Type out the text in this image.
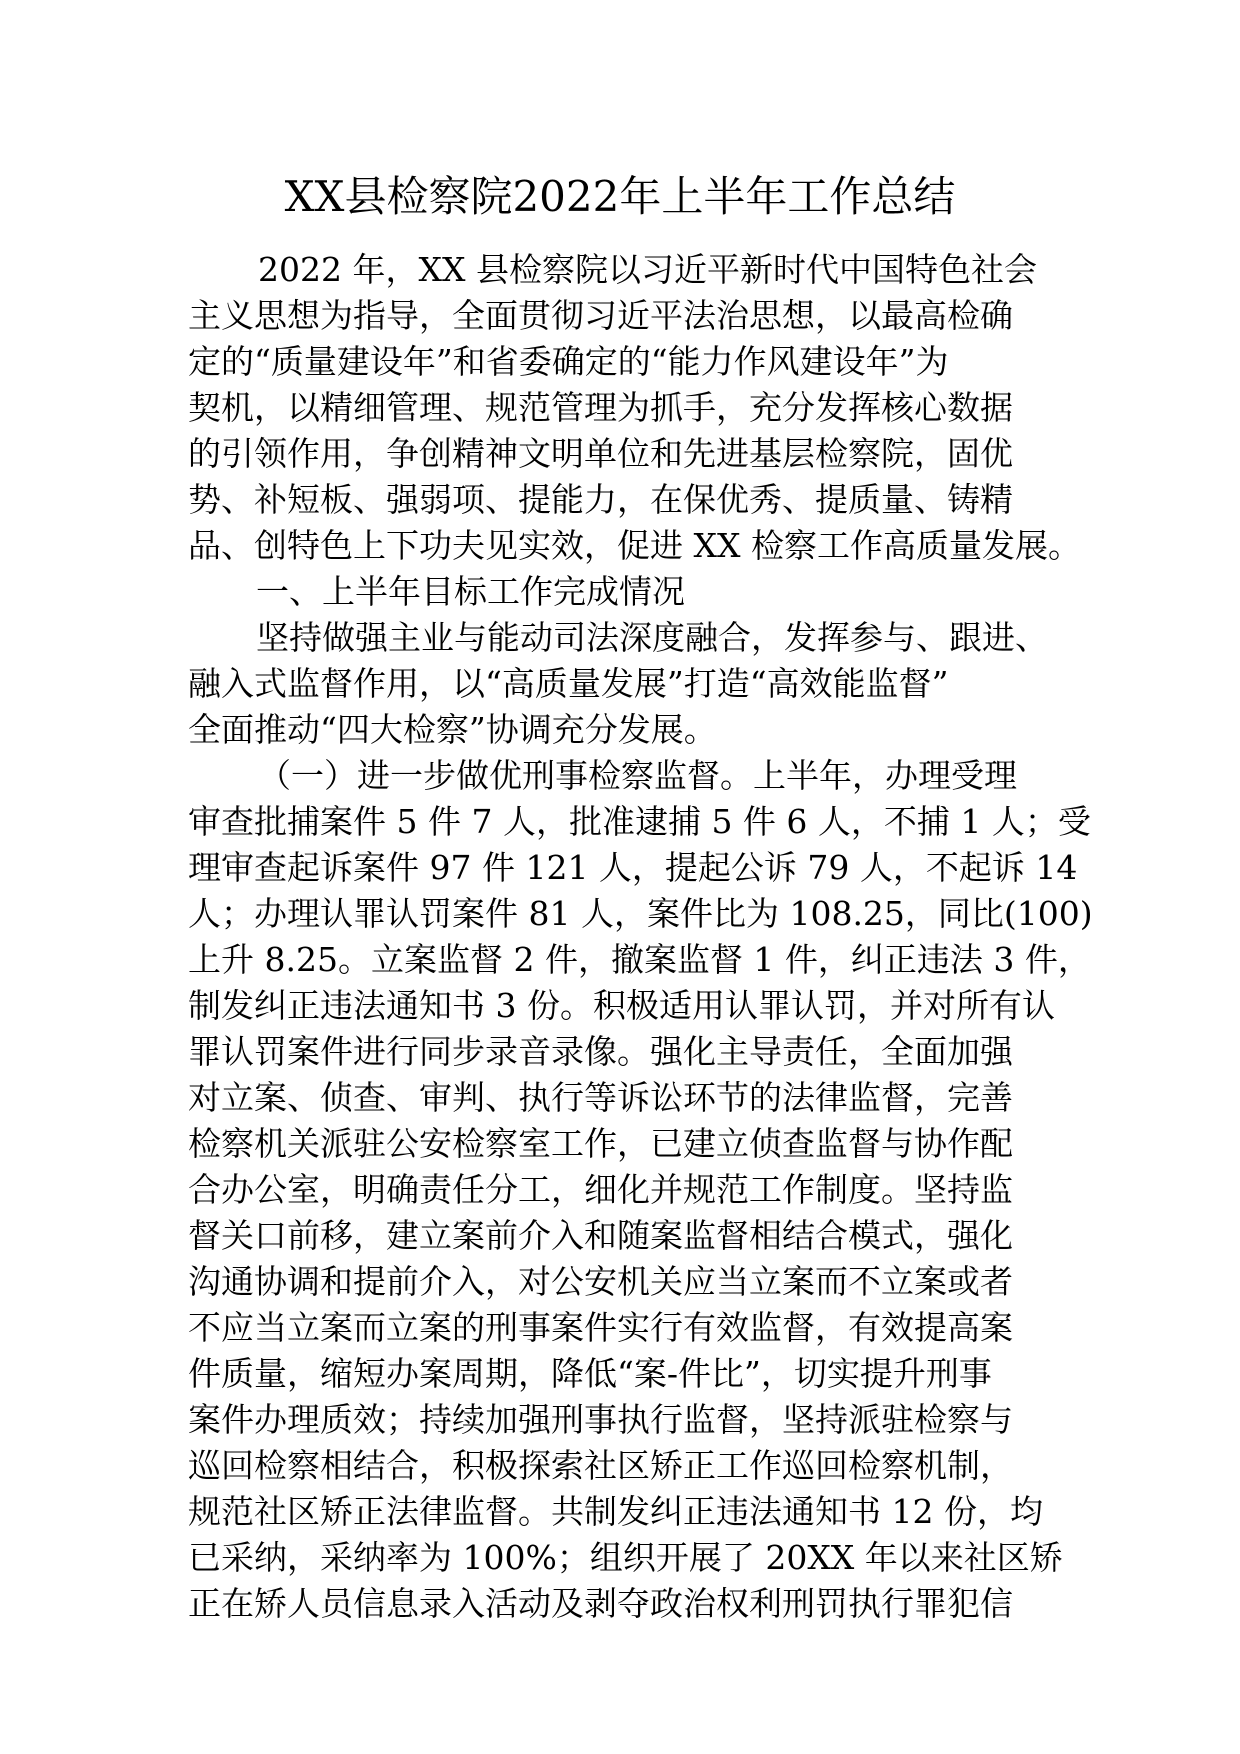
XX县检察院2022年上半年工作总结
2022 年，XX 县检察院以习近平新时代中国特色社会
主义思想为指导，全面贯彻习近平法治思想，以最高检确
定的“质量建设年”和省委确定的“能力作风建设年”为
契机，以精细管理、规范管理为抓手，充分发挥核心数据
的引领作用，争创精神文明单位和先进基层检察院，固优
势、补短板、强弱项、提能力，在保优秀、提质量、铸精
品、创特色上下功夫见实效，促进 XX 检察工作高质量发展。
一、上半年目标工作完成情况
坚持做强主业与能动司法深度融合，发挥参与、跟进、
融入式监督作用，以“高质量发展”打造“高效能监督”
全面推动“四大检察”协调充分发展。
（一）进一步做优刑事检察监督。上半年，办理受理
审查批捕案件 5 件 7 人，批准逮捕 5 件 6 人，不捕 1 人；受
理审查起诉案件 97 件 121 人，提起公诉 79 人，不起诉 14
人；办理认罪认罚案件 81 人，案件比为 108.25，同比(100)
上升 8.25。立案监督 2 件，撤案监督 1 件，纠正违法 3 件，
制发纠正违法通知书 3 份。积极适用认罪认罚，并对所有认
罪认罚案件进行同步录音录像。强化主导责任，全面加强
对立案、侦查、审判、执行等诉讼环节的法律监督，完善
检察机关派驻公安检察室工作，已建立侦查监督与协作配
合办公室，明确责任分工，细化并规范工作制度。坚持监
督关口前移，建立案前介入和随案监督相结合模式，强化
沟通协调和提前介入，对公安机关应当立案而不立案或者
不应当立案而立案的刑事案件实行有效监督，有效提高案
件质量，缩短办案周期，降低“案-件比”，切实提升刑事
案件办理质效；持续加强刑事执行监督，坚持派驻检察与
巡回检察相结合，积极探索社区矫正工作巡回检察机制，
规范社区矫正法律监督。共制发纠正违法通知书 12 份，均
已采纳，采纳率为 100%；组织开展了 20XX 年以来社区矫
正在矫人员信息录入活动及剥夺政治权利刑罚执行罪犯信
